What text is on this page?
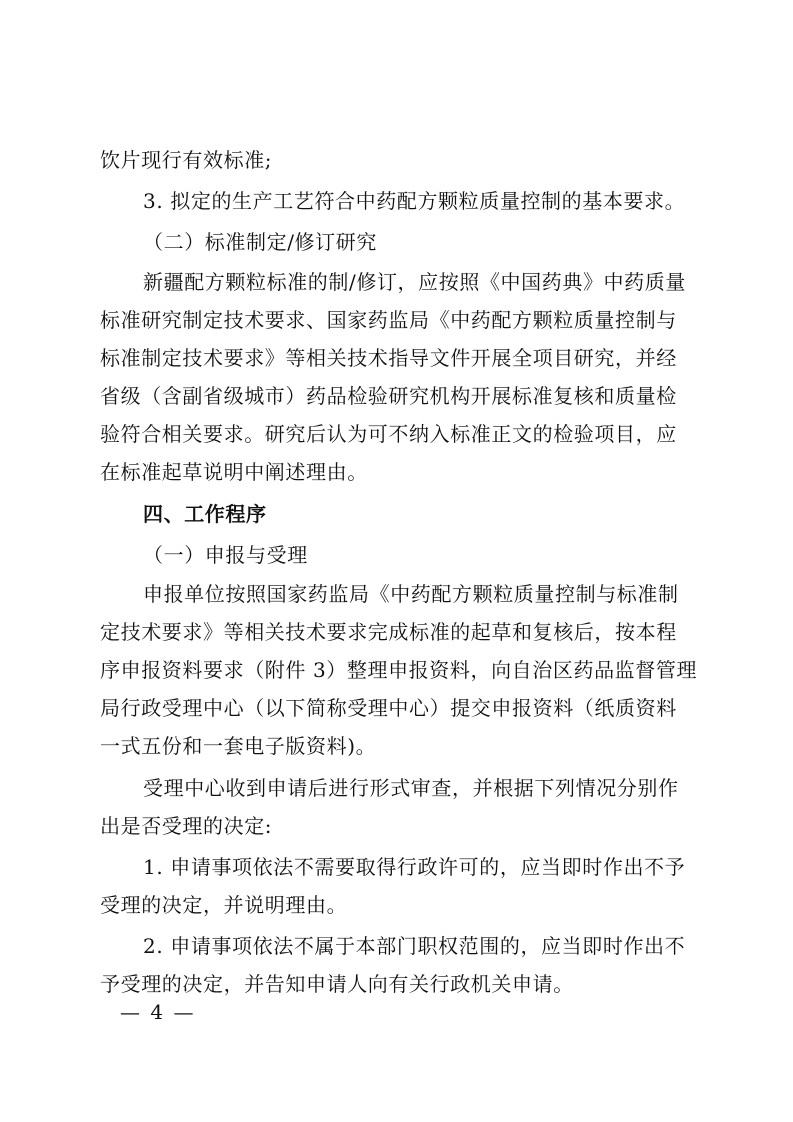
饮片现行有效标准;
3. 拟定的生产工艺符合中药配方颗粒质量控制的基本要求。
（二）标准制定/修订研究
新疆配方颗粒标准的制/修订，应按照《中国药典》中药质量
标准研究制定技术要求、国家药监局《中药配方颗粒质量控制与
标准制定技术要求》等相关技术指导文件开展全项目研究，并经
省级（含副省级城市）药品检验研究机构开展标准复核和质量检
验符合相关要求。研究后认为可不纳入标准正文的检验项目，应
在标准起草说明中阐述理由。
四、工作程序
（一）申报与受理
申报单位按照国家药监局《中药配方颗粒质量控制与标准制
定技术要求》等相关技术要求完成标准的起草和复核后，按本程
序申报资料要求（附件 3）整理申报资料，向自治区药品监督管理
局行政受理中心（以下简称受理中心）提交申报资料（纸质资料
一式五份和一套电子版资料)。
受理中心收到申请后进行形式审查，并根据下列情况分别作
出是否受理的决定:
1. 申请事项依法不需要取得行政许可的，应当即时作出不予
受理的决定，并说明理由。
2. 申请事项依法不属于本部门职权范围的，应当即时作出不
予受理的决定，并告知申请人向有关行政机关申请。
— 4 —
